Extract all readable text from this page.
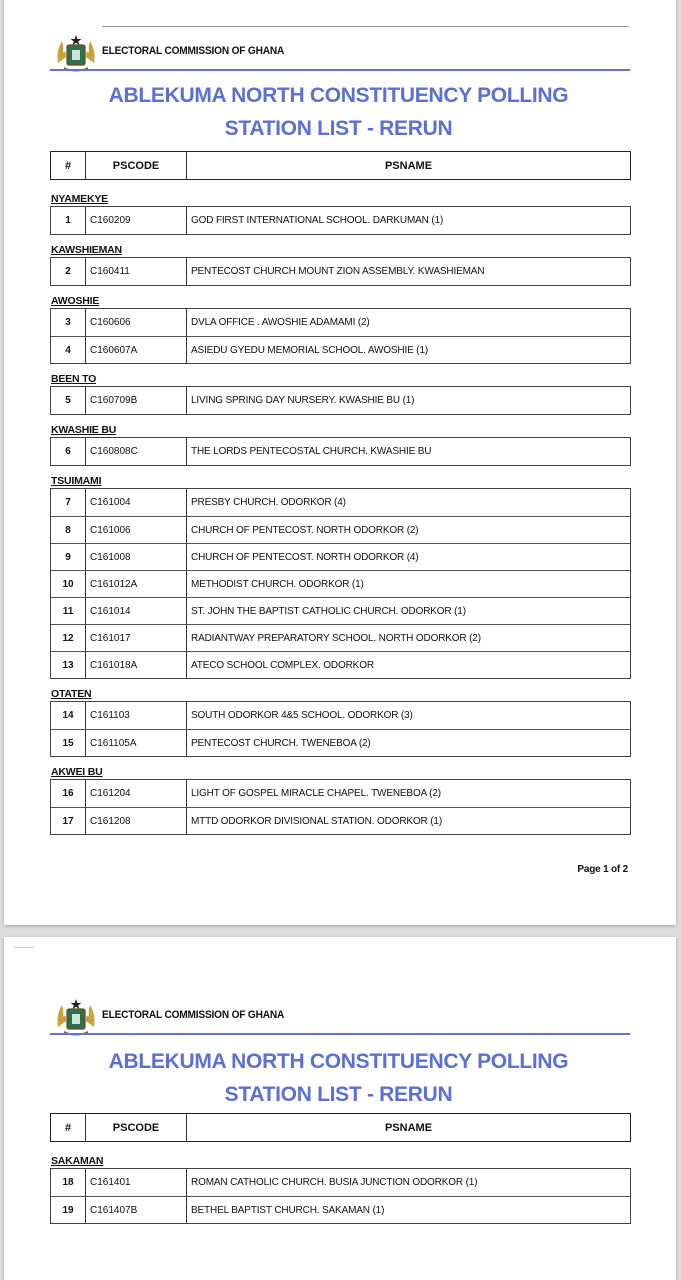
ELECTORAL COMMISSION OF GHANA
ABLEKUMA NORTH CONSTITUENCY POLLING
STATION LIST - RERUN
#	PSCODE	PSNAME
NYAMEKYE
1	C160209	GOD FIRST INTERNATIONAL SCHOOL. DARKUMAN (1)
KAWSHIEMAN
2	C160411	PENTECOST CHURCH MOUNT ZION ASSEMBLY. KWASHIEMAN
AWOSHIE
3	C160606	DVLA OFFICE . AWOSHIE ADAMAMI (2)
4	C160607A	ASIEDU GYEDU MEMORIAL SCHOOL. AWOSHIE (1)
BEEN TO
5	C160709B	LIVING SPRING DAY NURSERY. KWASHIE BU (1)
KWASHIE BU
6	C160808C	THE LORDS PENTECOSTAL CHURCH. KWASHIE BU
TSUIMAMI
7	C161004	PRESBY CHURCH. ODORKOR (4)
8	C161006	CHURCH OF PENTECOST. NORTH ODORKOR (2)
9	C161008	CHURCH OF PENTECOST. NORTH ODORKOR (4)
10	C161012A	METHODIST CHURCH. ODORKOR (1)
11	C161014	ST. JOHN THE BAPTIST CATHOLIC CHURCH. ODORKOR (1)
12	C161017	RADIANTWAY PREPARATORY SCHOOL. NORTH ODORKOR (2)
13	C161018A	ATECO SCHOOL COMPLEX. ODORKOR
OTATEN
14	C161103	SOUTH ODORKOR 4&5 SCHOOL. ODORKOR (3)
15	C161105A	PENTECOST CHURCH. TWENEBOA (2)
AKWEI BU
16	C161204	LIGHT OF GOSPEL MIRACLE CHAPEL. TWENEBOA (2)
17	C161208	MTTD ODORKOR DIVISIONAL STATION. ODORKOR (1)
Page 1 of 2
ELECTORAL COMMISSION OF GHANA
ABLEKUMA NORTH CONSTITUENCY POLLING
STATION LIST - RERUN
#	PSCODE	PSNAME
SAKAMAN
18	C161401	ROMAN CATHOLIC CHURCH. BUSIA JUNCTION ODORKOR (1)
19	C161407B	BETHEL BAPTIST CHURCH. SAKAMAN (1)
